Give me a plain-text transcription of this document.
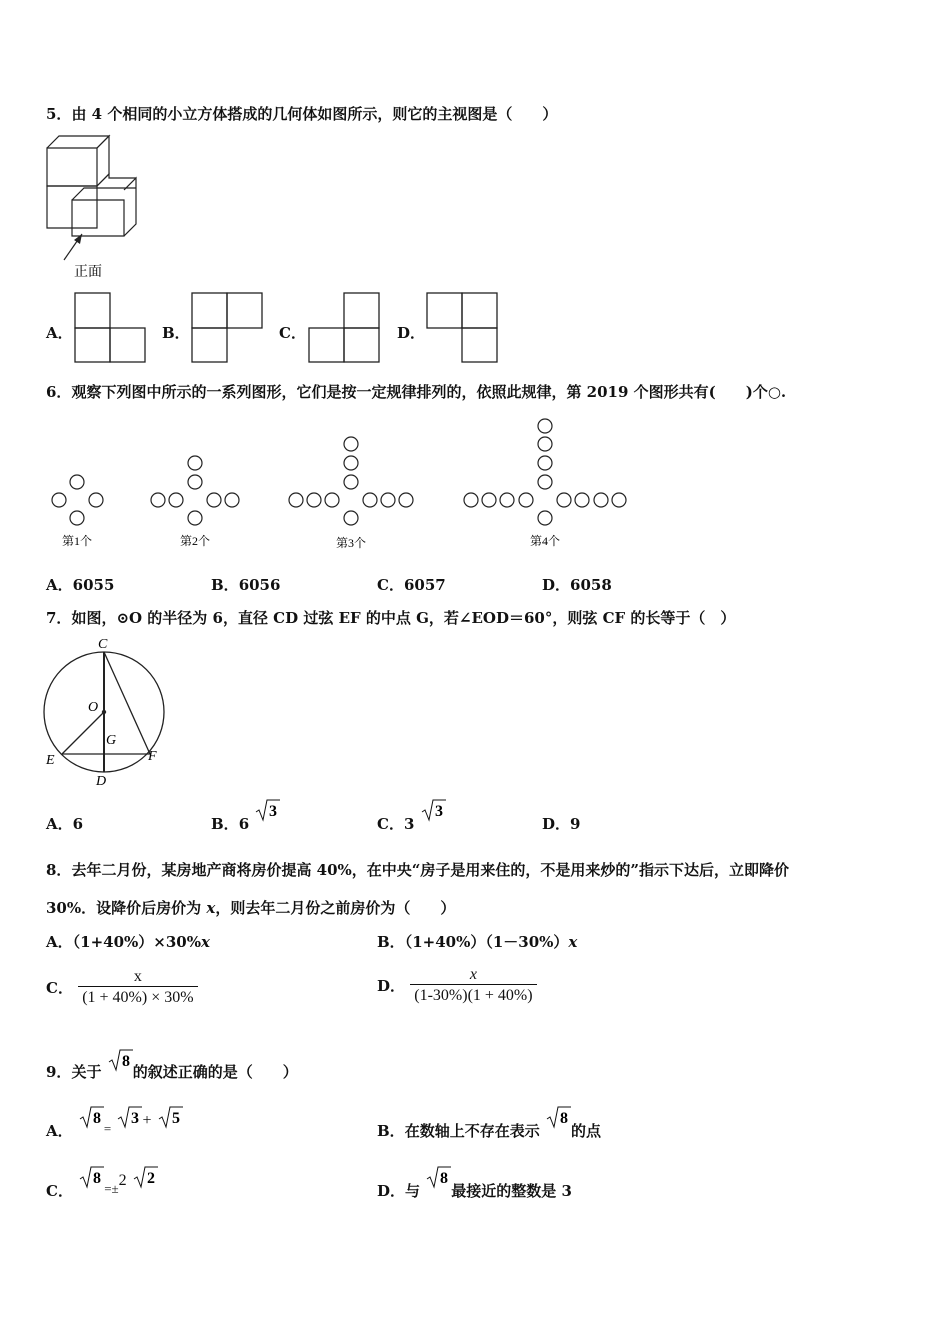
5．由 4 个相同的小立方体搭成的几何体如图所示，则它的主视图是（　　）
正面
A．	B．	C．	D．
6．观察下列图中所示的一系列图形，它们是按一定规律排列的，依照此规律，第 2019 个图形共有(　　)个○.
第1个	第2个	第3个	第4个
A．6055	B．6056	C．6057	D．6058
7．如图，⊙O 的半径为 6，直径 CD 过弦 EF 的中点 G，若∠EOD＝60°，则弦 CF 的长等于（　）
C
O
G
E
D
F
A．6	B．6
3
C．3
3
D．9
8．去年二月份，某房地产商将房价提高 40%，在中央“房子是用来住的，不是用来炒的”指示下达后，立即降价
30%．设降价后房价为 x，则去年二月份之前房价为（　　）
A．（1+40%）×30%x	B．（1+40%）（1－30%）x
C． $\frac{x}{(1 + 40\%) \times 30\%}$	D． $\frac{x}{(1-30\%)(1 + 40\%)}$
9．关于
8
的叙述正确的是（　　）
A．
8
=
3 + 5
B．在数轴上不存在表示
8
的点
C．
8
=±2 2
D．与
8
最接近的整数是 3
